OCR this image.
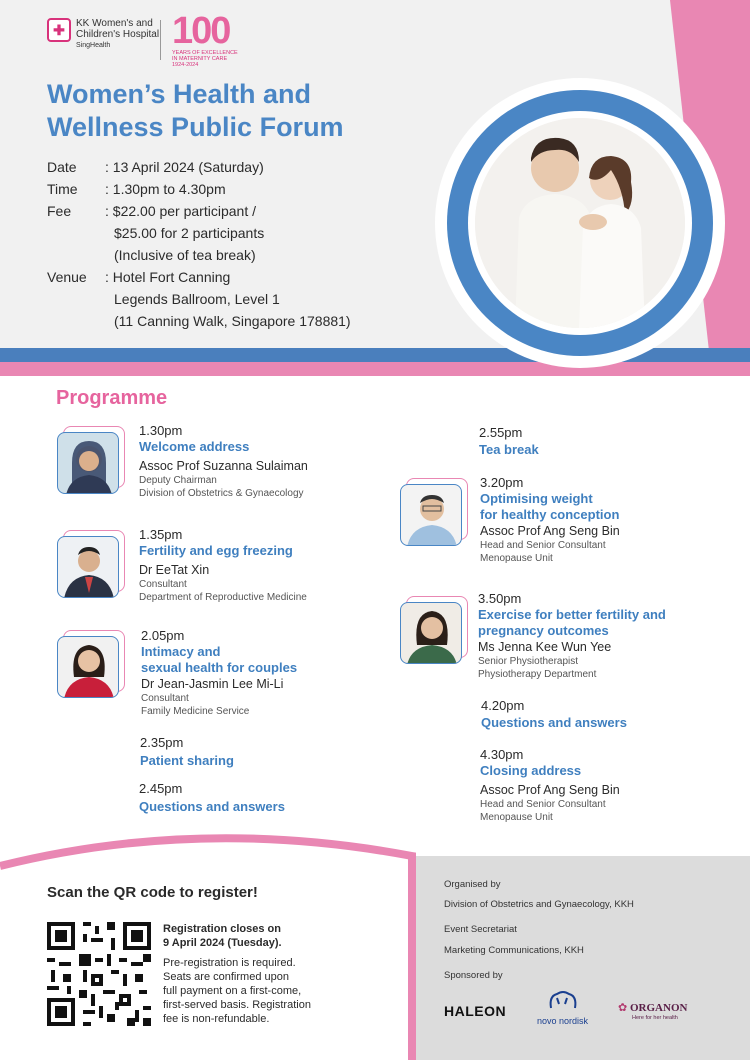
✚ KK Women's and
Children's Hospital
SingHealth 100
YEARS OF EXCELLENCE
IN MATERNITY CARE
1924-2024
Women’s Health and
Wellness Public Forum
Date : 13 April 2024 (Saturday)
Time : 1.30pm to 4.30pm
Fee : $22.00 per participant /
$25.00 for 2 participants
(Inclusive of tea break)
Venue : Hotel Fort Canning
Legends Ballroom, Level 1
(11 Canning Walk, Singapore 178881)
Programme
1.30pm
Welcome address
Assoc Prof Suzanna Sulaiman
Deputy Chairman
Division of Obstetrics & Gynaecology
1.35pm
Fertility and egg freezing
Dr EeTat Xin
Consultant
Department of Reproductive Medicine
2.05pm
Intimacy and
sexual health for couples
Dr Jean-Jasmin Lee Mi-Li
Consultant
Family Medicine Service
2.35pm
Patient sharing
2.45pm
Questions and answers
2.55pm
Tea break
3.20pm
Optimising weight
for healthy conception
Assoc Prof Ang Seng Bin
Head and Senior Consultant
Menopause Unit
3.50pm
Exercise for better fertility and
pregnancy outcomes
Ms Jenna Kee Wun Yee
Senior Physiotherapist
Physiotherapy Department
4.20pm
Questions and answers
4.30pm
Closing address
Assoc Prof Ang Seng Bin
Head and Senior Consultant
Menopause Unit
Scan the QR code to register!
Registration closes on
9 April 2024 (Tuesday).
Pre-registration is required.
Seats are confirmed upon
full payment on a first-come,
first-served basis. Registration
fee is non-refundable.
Organised by
Division of Obstetrics and Gynaecology, KKH
Event Secretariat
Marketing Communications, KKH
Sponsored by
HALEON
novo nordisk
✿ ORGANON
Here for her health
